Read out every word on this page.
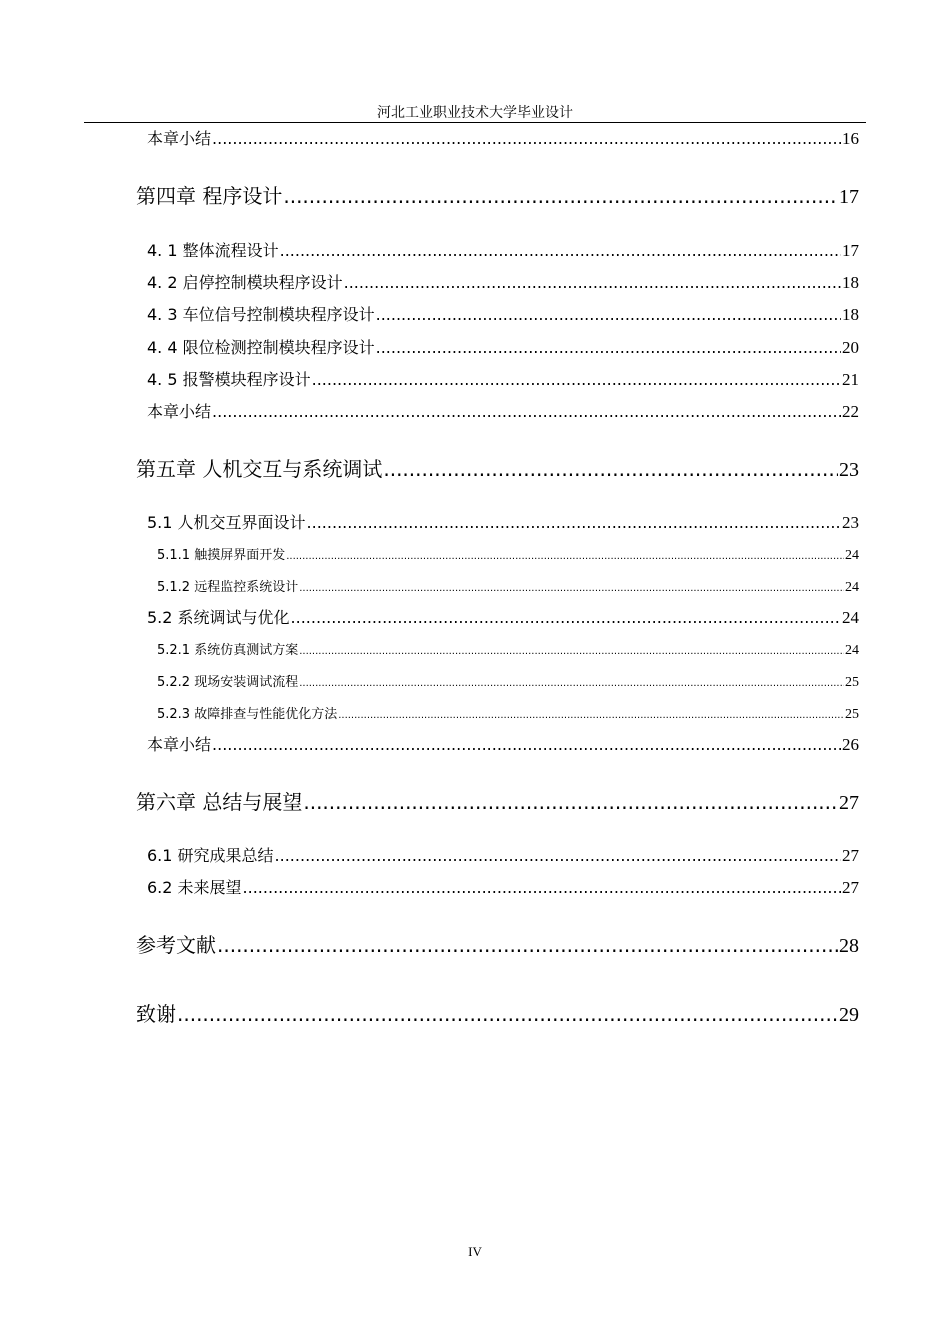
河北工业职业技术大学毕业设计
本章小结 .....	16
第四章 程序设计 .....	17
4. 1 整体流程设计 .....	17
4. 2 启停控制模块程序设计 .....	18
4. 3 车位信号控制模块程序设计 .....	18
4. 4 限位检测控制模块程序设计 .....	20
4. 5 报警模块程序设计 .....	21
本章小结 .....	22
第五章 人机交互与系统调试 .....	23
5.1 人机交互界面设计 .....	23
5.1.1 触摸屏界面开发 .....	24
5.1.2 远程监控系统设计 .....	24
5.2 系统调试与优化 .....	24
5.2.1 系统仿真测试方案 .....	24
5.2.2 现场安装调试流程 .....	25
5.2.3 故障排查与性能优化方法 .....	25
本章小结 .....	26
第六章 总结与展望 .....	27
6.1 研究成果总结 .....	27
6.2 未来展望 .....	27
参考文献 .....	28
致谢 .....	29
IV
